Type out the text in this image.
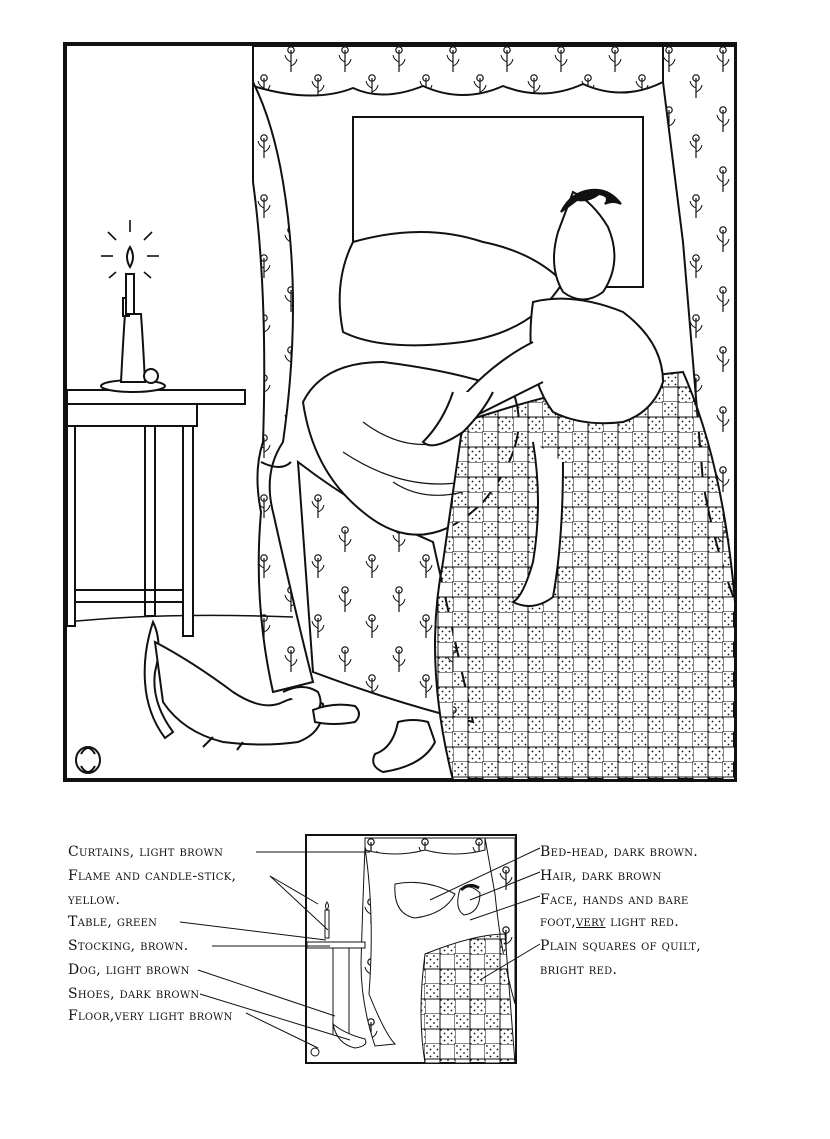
Curtains, light brown
Flame and candle-stick,
yellow.
Table, green
Stocking, brown.
Dog, light brown
Shoes, dark brown
Floor,very light brown
Bed-head, dark brown.
Hair, dark brown
Face, hands and bare
foot,very light red.
Plain squares of quilt,
bright red.
